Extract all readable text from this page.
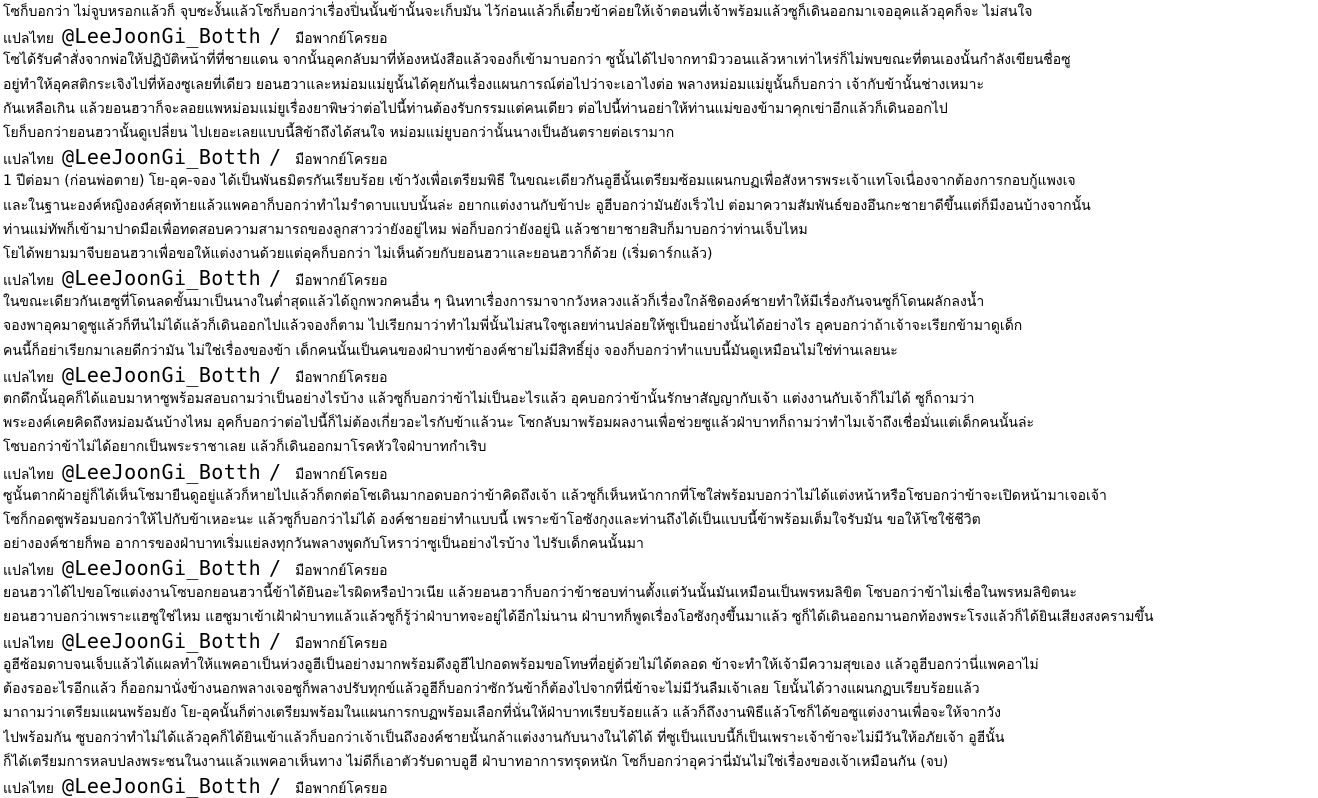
โซก็บอกว่า ไม่จูบหรอกแล้วก็ จุบซะงั้นแล้วโซก็บอกว่าเรื่องปิ่นนั้นข้านั้นจะเก็บมัน ไว้ก่อนแล้วก็เดี๋ยวข้าค่อยให้เจ้าตอนที่เจ้าพร้อมแล้วซูก็เดินออกมาเจออุคแล้วอุคก็จะ ไม่สนใจ
แปลไทย @LeeJoonGi_Botth / มือพากย์โครยอ
โซได้รับคำสั่งจากพ่อให้ปฏิบัติหน้าที่ที่ชายแดน จากนั้นอุคกลับมาที่ห้องหนังสือแล้วจองก็เข้ามาบอกว่า ซูนั้นได้ไปจากทามิววอนแล้วหาเท่าไหร่ก็ไม่พบขณะที่ตนเองนั้นกำลังเขียนชื่อซู
อยู่ทำให้อุคสติกระเจิงไปที่ห้องซูเลยที่เดียว ยอนฮวาและหม่อมแม่ยูนั้นได้คุยกันเรื่องแผนการณ์ต่อไปว่าจะเอาไงต่อ พลางหม่อมแม่ยูนั้นก็บอกว่า เจ้ากับข้านั้นช่างเหมาะ
กันเหลือเกิน แล้วยอนฮวาก็จะลอยแพหม่อมแม่ยูเรื่องยาพิษว่าต่อไปนี้ท่านต้องรับกรรมแต่คนเดียว ต่อไปนี้ท่านอย่าให้ท่านแม่ของข้ามาคุกเข่าอีกแล้วก็เดินออกไป
โยก็บอกว่ายอนฮวานั้นดูเปลี่ยน ไปเยอะเลยแบบนี้สิข้าถึงได้สนใจ หม่อมแม่ยูบอกว่านั้นนางเป็นอันตรายต่อเรามาก
แปลไทย @LeeJoonGi_Botth / มือพากย์โครยอ
1 ปีต่อมา (ก่อนพ่อตาย) โย-อุค-จอง ได้เป็นพันธมิตรกันเรียบร้อย เข้าวังเพื่อเตรียมพิธี ในขณะเดียวกันอูฮีนั้นเตรียมซ้อมแผนกบฏเพื่อสังหารพระเจ้าแทโจเนื่องจากต้องการกอบกู้แพงเจ
และในฐานะองค์หญิงองค์สุดท้ายแล้วแพคอาก็บอกว่าทำไมรำดาบแบบนั้นล่ะ อยากแต่งงานกับข้าปะ อูฮีบอกว่ามันยังเร็วไป ต่อมาความสัมพันธ์ของอึนกะชายาดีขึ้นแต่ก็มีงอนบ้างจากนั้น
ท่านแม่ทัพก็เข้ามาปาดมือเพื่อทดสอบความสามารถของลูกสาวว่ายังอยู่ไหม พ่อก็บอกว่ายังอยู่นิ แล้วชายาชายสิบก็มาบอกว่าท่านเจ็บไหม
โยได้พยามมาจีบยอนฮวาเพื่อขอให้แต่งงานด้วยแต่อุคก็บอกว่า ไม่เห็นด้วยกับยอนฮวาและยอนฮวาก็ด้วย (เริ่มดาร์กแล้ว)
แปลไทย @LeeJoonGi_Botth / มือพากย์โครยอ
ในขณะเดียวกันเฮซูที่โดนลดขั้นมาเป็นนางในต่ำสุดแล้วได้ถูกพวกคนอื่น ๆ นินทาเรื่องการมาจากวังหลวงแล้วก็เรื่องใกล้ชิดองค์ชายทำให้มีเรื่องกันจนซูก็โดนผลักลงน้ำ
จองพาอุคมาดูซูแล้วก็ทีนไม่ได้แล้วก็เดินออกไปแล้วจองก็ตาม ไปเรียกมาว่าทำไมพี่นั้นไม่สนใจซูเลยท่านปล่อยให้ซูเป็นอย่างนั้นได้อย่างไร อุคบอกว่าถ้าเจ้าจะเรียกข้ามาดูเด็ก
คนนี้ก็อย่าเรียกมาเลยดีกว่ามัน ไม่ใช่เรื่องของข้า เด็กคนนั้นเป็นคนของฝ่าบาทข้าองค์ชายไม่มีสิทธิ์ยุ่ง จองก็บอกว่าทำแบบนี้มันดูเหมือนไม่ใช่ท่านเลยนะ
แปลไทย @LeeJoonGi_Botth / มือพากย์โครยอ
ตกดึกนั้นอุคก็ได้แอบมาหาซูพร้อมสอบถามว่าเป็นอย่างไรบ้าง แล้วซูก็บอกว่าข้าไม่เป็นอะไรแล้ว อุคบอกว่าข้านั้นรักษาสัญญากับเจ้า แต่งงานกับเจ้าก็ไม่ได้ ซูก็ถามว่า
พระองค์เคยคิดถึงหม่อมฉันบ้างไหม อุคก็บอกว่าต่อไปนี้ก็ไม่ต้องเกี่ยวอะไรกับข้าแล้วนะ โซกลับมาพร้อมผลงานเพื่อช่วยซูแล้วฝ่าบาทก็ถามว่าทำไมเจ้าถึงเชื่อมั่นแต่เด็กคนนั้นล่ะ
โซบอกว่าข้าไม่ได้อยากเป็นพระราชาเลย แล้วก็เดินออกมาโรคหัวใจฝ่าบาทกำเริบ
แปลไทย @LeeJoonGi_Botth / มือพากย์โครยอ
ซูนั้นตากผ้าอยู่ก็ได้เห็นโซมายืนดูอยู่แล้วก็หายไปแล้วก็ตกต่อโซเดินมากอดบอกว่าข้าคิดถึงเจ้า แล้วซูก็เห็นหน้ากากที่โซใส่พร้อมบอกว่าไม่ได้แต่งหน้าหรือโซบอกว่าข้าจะเปิดหน้ามาเจอเจ้า
โซก็กอดซูพร้อมบอกว่าให้ไปกับข้าเหอะนะ แล้วซูก็บอกว่าไม่ได้ องค์ชายอย่าทำแบบนี้ เพราะข้าโอซังกุงและท่านถึงได้เป็นแบบนี้ข้าพร้อมเต็มใจรับมัน ขอให้โซใช้ชีวิต
อย่างองค์ชายก็พอ อาการของฝ่าบาทเริ่มแย่ลงทุกวันพลางพูดกับโหราว่าซูเป็นอย่างไรบ้าง ไปรับเด็กคนนั้นมา
แปลไทย @LeeJoonGi_Botth / มือพากย์โครยอ
ยอนฮวาได้ไปขอโซแต่งงานโซบอกยอนฮวานี้ข้าได้ยินอะไรผิดหรือป่าวเนีย แล้วยอนฮวาก็บอกว่าข้าชอบท่านตั้งแต่วันนั้นมันเหมือนเป็นพรหมลิขิต โซบอกว่าข้าไม่เชื่อในพรหมลิขิตนะ
ยอนฮวาบอกว่าเพราะแฮซูใช่ไหม แฮซูมาเข้าเฝ้าฝ่าบาทแล้วแล้วซูก็รู้ว่าฝ่าบาทจะอยู่ได้อีกไม่นาน ฝ่าบาทก็พูดเรื่องโอซังกุงขึ้นมาแล้ว ซูก็ได้เดินออกมานอกท้องพระโรงแล้วก็ได้ยินเสียงสงครามขึ้น
แปลไทย @LeeJoonGi_Botth / มือพากย์โครยอ
อูฮีซ้อมดาบจนเจ็บแล้วได้แผลทำให้แพคอาเป็นห่วงอูฮีเป็นอย่างมากพร้อมดึงอูฮีไปกอดพร้อมขอโทษที่อยู่ด้วยไม่ได้ตลอด ข้าจะทำให้เจ้ามีความสุขเอง แล้วอูฮีบอกว่านี่แพคอาไม่
ต้องรออะไรอีกแล้ว ก็ออกมานั่งข้างนอกพลางเจอซูก็พลางปรับทุกข์แล้วอูฮีก็บอกว่าซักวันข้าก็ต้องไปจากที่นี่ข้าจะไม่มีวันลืมเจ้าเลย โยนั้นได้วางแผนกฏบเรียบร้อยแล้ว
มาถามว่าเตรียมแผนพร้อมยัง โย-อุคนั้นก็ต่างเตรียมพร้อมในแผนการกบฏพร้อมเลือกที่นั่นให้ฝ่าบาทเรียบร้อยแล้ว แล้วก็ถึงงานพิธีแล้วโซก็ได้ขอซูแต่งงานเพื่อจะให้จากวัง
ไปพร้อมกัน ซูบอกว่าทำไม่ได้แล้วอุคก็ได้ยินเข้าแล้วก็บอกว่าเจ้าเป็นถึงองค์ชายนั้นกล้าแต่งงานกับนางในได้ได้ ที่ซูเป็นแบบนี้ก็เป็นเพราะเจ้าข้าจะไม่มีวันให้อภัยเจ้า อูฮีนั้น
ก็ได้เตรียมการหลบปลงพระชนในงานแล้วแพคอาเห็นทาง ไม่ดีก็เอาตัวรับดาบอูฮี ฝ่าบาทอาการทรุดหนัก โซก็บอกว่าอุคว่านี่มันไม่ใช่เรื่องของเจ้าเหมือนกัน (จบ)
แปลไทย @LeeJoonGi_Botth / มือพากย์โครยอ
